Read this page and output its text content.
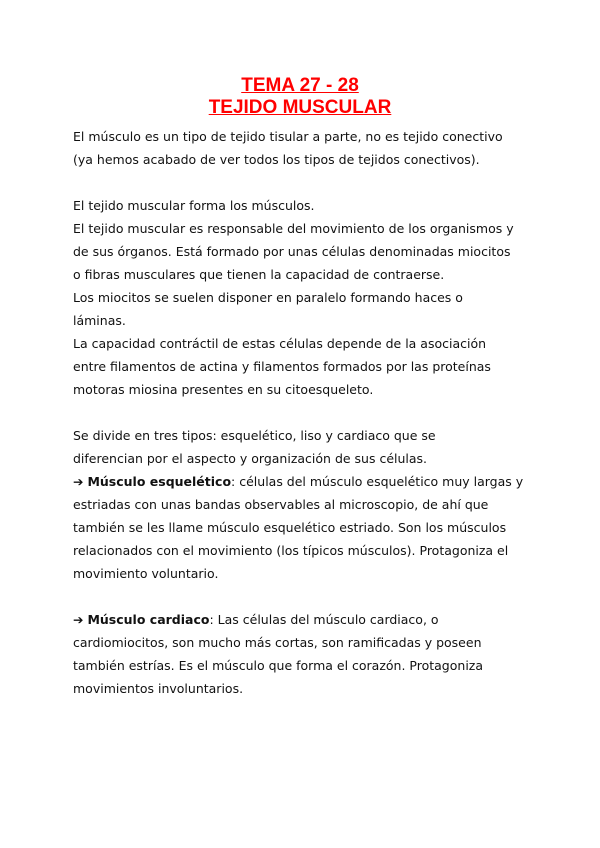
TEMA 27 - 28
TEJIDO MUSCULAR

El músculo es un tipo de tejido tisular a parte, no es tejido conectivo

(ya hemos acabado de ver todos los tipos de tejidos conectivos).

El tejido muscular forma los músculos.

El tejido muscular es responsable del movimiento de los organismos y

de sus órganos. Está formado por unas células denominadas miocitos

o fibras musculares que tienen la capacidad de contraerse.

Los miocitos se suelen disponer en paralelo formando haces o

láminas.

La capacidad contráctil de estas células depende de la asociación

entre filamentos de actina y filamentos formados por las proteínas

motoras miosina presentes en su citoesqueleto.

Se divide en tres tipos: esquelético, liso y cardiaco que se

diferencian por el aspecto y organización de sus células.

➔ Músculo esquelético: células del músculo esquelético muy largas y

estriadas con unas bandas observables al microscopio, de ahí que

también se les llame músculo esquelético estriado. Son los músculos

relacionados con el movimiento (los típicos músculos). Protagoniza el

movimiento voluntario.

➔ Músculo cardiaco: Las células del músculo cardiaco, o

cardiomiocitos, son mucho más cortas, son ramificadas y poseen

también estrías. Es el músculo que forma el corazón. Protagoniza

movimientos involuntarios.
